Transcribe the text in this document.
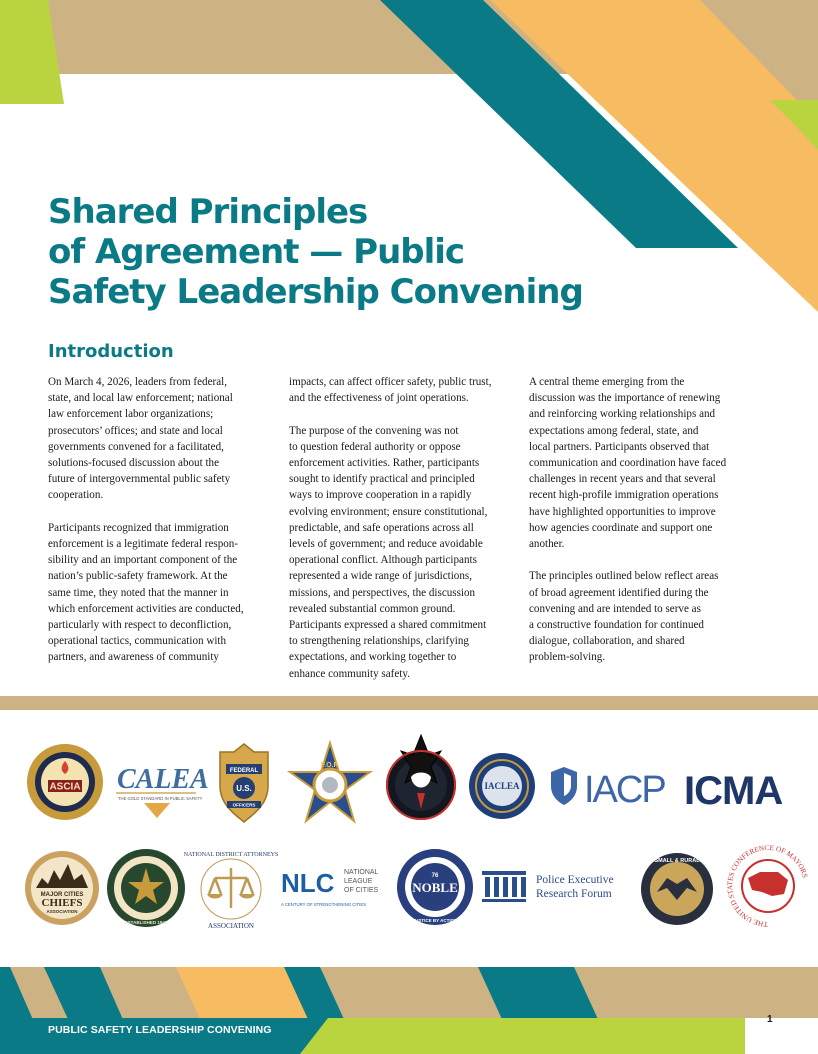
Shared Principles
of Agreement — Public
Safety Leadership Convening
Introduction

On March 4, 2026, leaders from federal,
state, and local law enforcement; national
law enforcement labor organizations;
prosecutors’ offices; and state and local
governments convened for a facilitated,
solutions-focused discussion about the
future of intergovernmental public safety
cooperation.

Participants recognized that immigration
enforcement is a legitimate federal respon-
sibility and an important component of the
nation’s public-safety framework. At the
same time, they noted that the manner in
which enforcement activities are conducted,
particularly with respect to deconfliction,
operational tactics, communication with
partners, and awareness of community

impacts, can affect officer safety, public trust,
and the effectiveness of joint operations.

The purpose of the convening was not
to question federal authority or oppose
enforcement activities. Rather, participants
sought to identify practical and principled
ways to improve cooperation in a rapidly
evolving environment; ensure constitutional,
predictable, and safe operations across all
levels of government; and reduce avoidable
operational conflict. Although participants
represented a wide range of jurisdictions,
missions, and perspectives, the discussion
revealed substantial common ground.
Participants expressed a shared commitment
to strengthening relationships, clarifying
expectations, and working together to
enhance community safety.

A central theme emerging from the
discussion was the importance of renewing
and reinforcing working relationships and
expectations among federal, state, and
local partners. Participants observed that
communication and coordination have faced
challenges in recent years and that several
recent high-profile immigration operations
have highlighted opportunities to improve
how agencies coordinate and support one
another.

The principles outlined below reflect areas
of broad agreement identified during the
convening and are intended to serve as
a constructive foundation for continued
dialogue, collaboration, and shared
problem-solving.

ASCIA CALEA
THE GOLD STANDARD IN PUBLIC SAFETY
FEDERAL
U.S.
OFFICERS
F.O.P.
IACLEA IACP ICMA
MAJOR CITIES
CHIEFS
ASSOCIATION
ESTABLISHED 1940
NATIONAL DISTRICT ATTORNEYS
ASSOCIATION
NLC NATIONAL
LEAGUE
OF CITIES
A CENTURY OF STRENGTHENING CITIES
76
NOBLE
JUSTICE BY ACTION
Police Executive
Research Forum
SMALL & RURAL
THE UNITED STATES CONFERENCE OF MAYORS
PUBLIC SAFETY LEADERSHIP CONVENING
1
